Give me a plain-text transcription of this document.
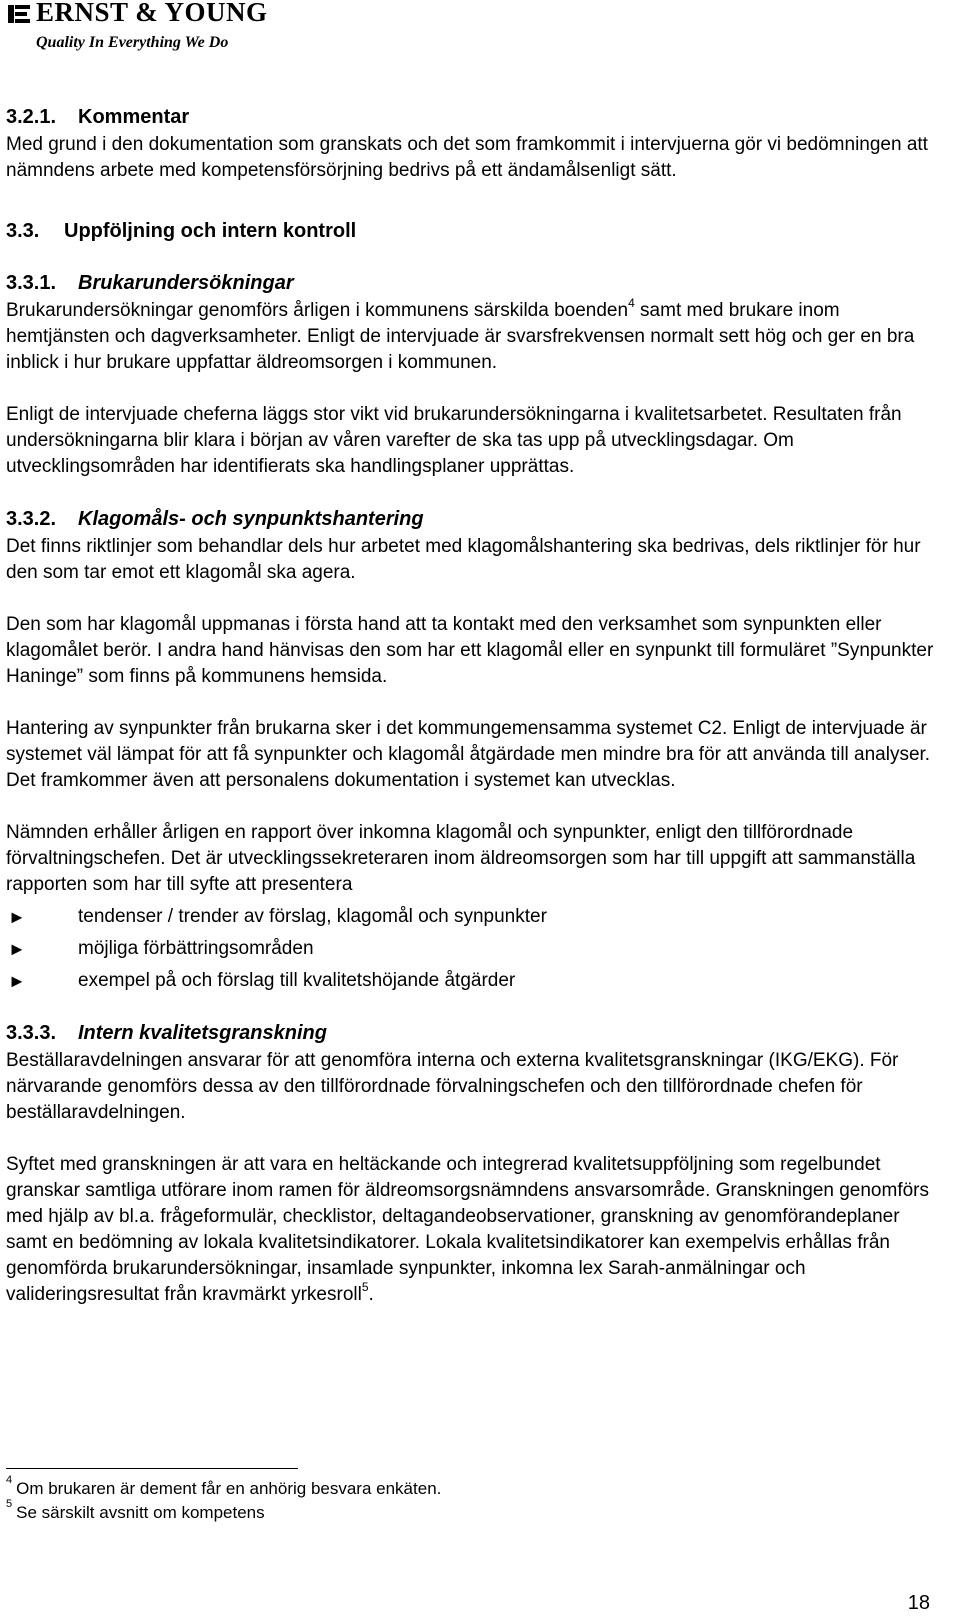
ERNST & YOUNG
Quality In Everything We Do
3.2.1. Kommentar

Med grund i den dokumentation som granskats och det som framkommit i intervjuerna gör vi bedömningen att nämndens arbete med kompetensförsörjning bedrivs på ett ändamålsenligt sätt.

3.3. Uppföljning och intern kontroll
3.3.1. Brukarundersökningar

Brukarundersökningar genomförs årligen i kommunens särskilda boenden$^4$ samt med brukare inom hemtjänsten och dagverksamheter. Enligt de intervjuade är svarsfrekvensen normalt sett hög och ger en bra inblick i hur brukare uppfattar äldreomsorgen i kommunen.

Enligt de intervjuade cheferna läggs stor vikt vid brukarundersökningarna i kvalitetsarbetet. Resultaten från undersökningarna blir klara i början av våren varefter de ska tas upp på utvecklingsdagar. Om utvecklingsområden har identifierats ska handlingsplaner upprättas.

3.3.2. Klagomåls- och synpunktshantering

Det finns riktlinjer som behandlar dels hur arbetet med klagomålshantering ska bedrivas, dels riktlinjer för hur den som tar emot ett klagomål ska agera.

Den som har klagomål uppmanas i första hand att ta kontakt med den verksamhet som synpunkten eller klagomålet berör. I andra hand hänvisas den som har ett klagomål eller en synpunkt till formuläret ”Synpunkter Haninge” som finns på kommunens hemsida.

Hantering av synpunkter från brukarna sker i det kommungemensamma systemet C2. Enligt de intervjuade är systemet väl lämpat för att få synpunkter och klagomål åtgärdade men mindre bra för att använda till analyser. Det framkommer även att personalens dokumentation i systemet kan utvecklas.

Nämnden erhåller årligen en rapport över inkomna klagomål och synpunkter, enligt den tillförordnade förvaltningschefen. Det är utvecklingssekreteraren inom äldreomsorgen som har till uppgift att sammanställa rapporten som har till syfte att presentera

►	tendenser / trender av förslag, klagomål och synpunkter
►	möjliga förbättringsområden
►	exempel på och förslag till kvalitetshöjande åtgärder
3.3.3. Intern kvalitetsgranskning

Beställaravdelningen ansvarar för att genomföra interna och externa kvalitetsgranskningar (IKG/EKG). För närvarande genomförs dessa av den tillförordnade förvalningschefen och den tillförordnade chefen för beställaravdelningen.

Syftet med granskningen är att vara en heltäckande och integrerad kvalitetsuppföljning som regelbundet granskar samtliga utförare inom ramen för äldreomsorgsnämndens ansvarsområde. Granskningen genomförs med hjälp av bl.a. frågeformulär, checklistor, deltagandeobservationer, granskning av genomförandeplaner samt en bedömning av lokala kvalitetsindikatorer. Lokala kvalitetsindikatorer kan exempelvis erhållas från genomförda brukarundersökningar, insamlade synpunkter, inkomna lex Sarah-anmälningar och valideringsresultat från kravmärkt yrkesroll$^5$.

$^4$ Om brukaren är dement får en anhörig besvara enkäten.

$^5$ Se särskilt avsnitt om kompetens

18
